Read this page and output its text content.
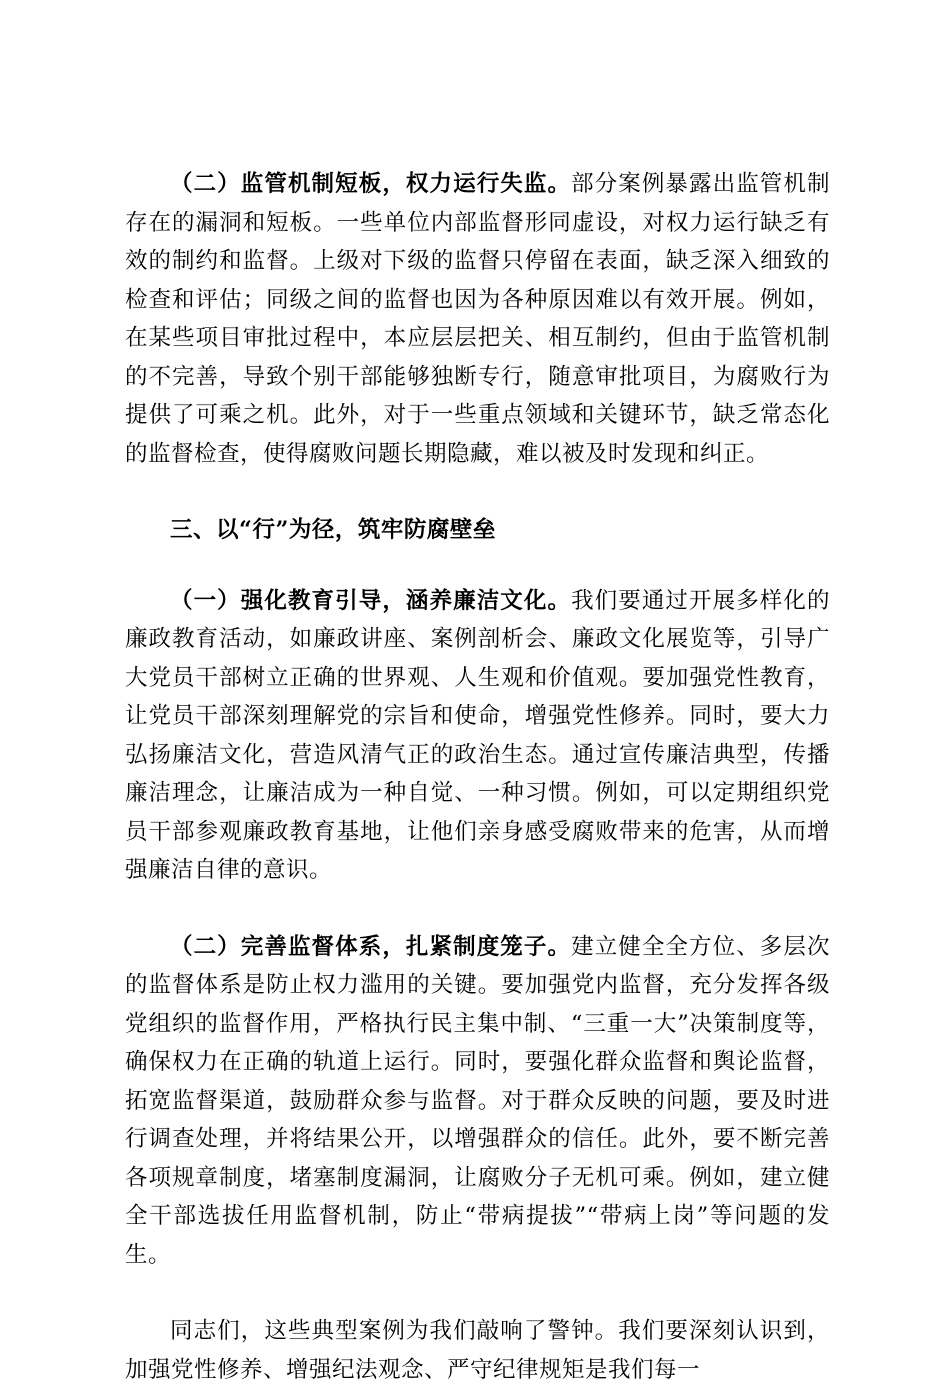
（二）监管机制短板，权力运行失监。部分案例暴露出监管机制存在的漏洞和短板。一些单位内部监督形同虚设，对权力运行缺乏有效的制约和监督。上级对下级的监督只停留在表面，缺乏深入细致的检查和评估；同级之间的监督也因为各种原因难以有效开展。例如，在某些项目审批过程中，本应层层把关、相互制约，但由于监管机制的不完善，导致个别干部能够独断专行，随意审批项目，为腐败行为提供了可乘之机。此外，对于一些重点领域和关键环节，缺乏常态化的监督检查，使得腐败问题长期隐藏，难以被及时发现和纠正。

三、以“行”为径，筑牢防腐壁垒

（一）强化教育引导，涵养廉洁文化。我们要通过开展多样化的廉政教育活动，如廉政讲座、案例剖析会、廉政文化展览等，引导广大党员干部树立正确的世界观、人生观和价值观。要加强党性教育，让党员干部深刻理解党的宗旨和使命，增强党性修养。同时，要大力弘扬廉洁文化，营造风清气正的政治生态。通过宣传廉洁典型，传播廉洁理念，让廉洁成为一种自觉、一种习惯。例如，可以定期组织党员干部参观廉政教育基地，让他们亲身感受腐败带来的危害，从而增强廉洁自律的意识。

（二）完善监督体系，扎紧制度笼子。建立健全全方位、多层次的监督体系是防止权力滥用的关键。要加强党内监督，充分发挥各级党组织的监督作用，严格执行民主集中制、“三重一大”决策制度等，确保权力在正确的轨道上运行。同时，要强化群众监督和舆论监督，拓宽监督渠道，鼓励群众参与监督。对于群众反映的问题，要及时进行调查处理，并将结果公开，以增强群众的信任。此外，要不断完善各项规章制度，堵塞制度漏洞，让腐败分子无机可乘。例如，建立健全干部选拔任用监督机制，防止“带病提拔”“带病上岗”等问题的发生。

同志们，这些典型案例为我们敲响了警钟。我们要深刻认识到，加强党性修养、增强纪法观念、严守纪律规矩是我们每一
